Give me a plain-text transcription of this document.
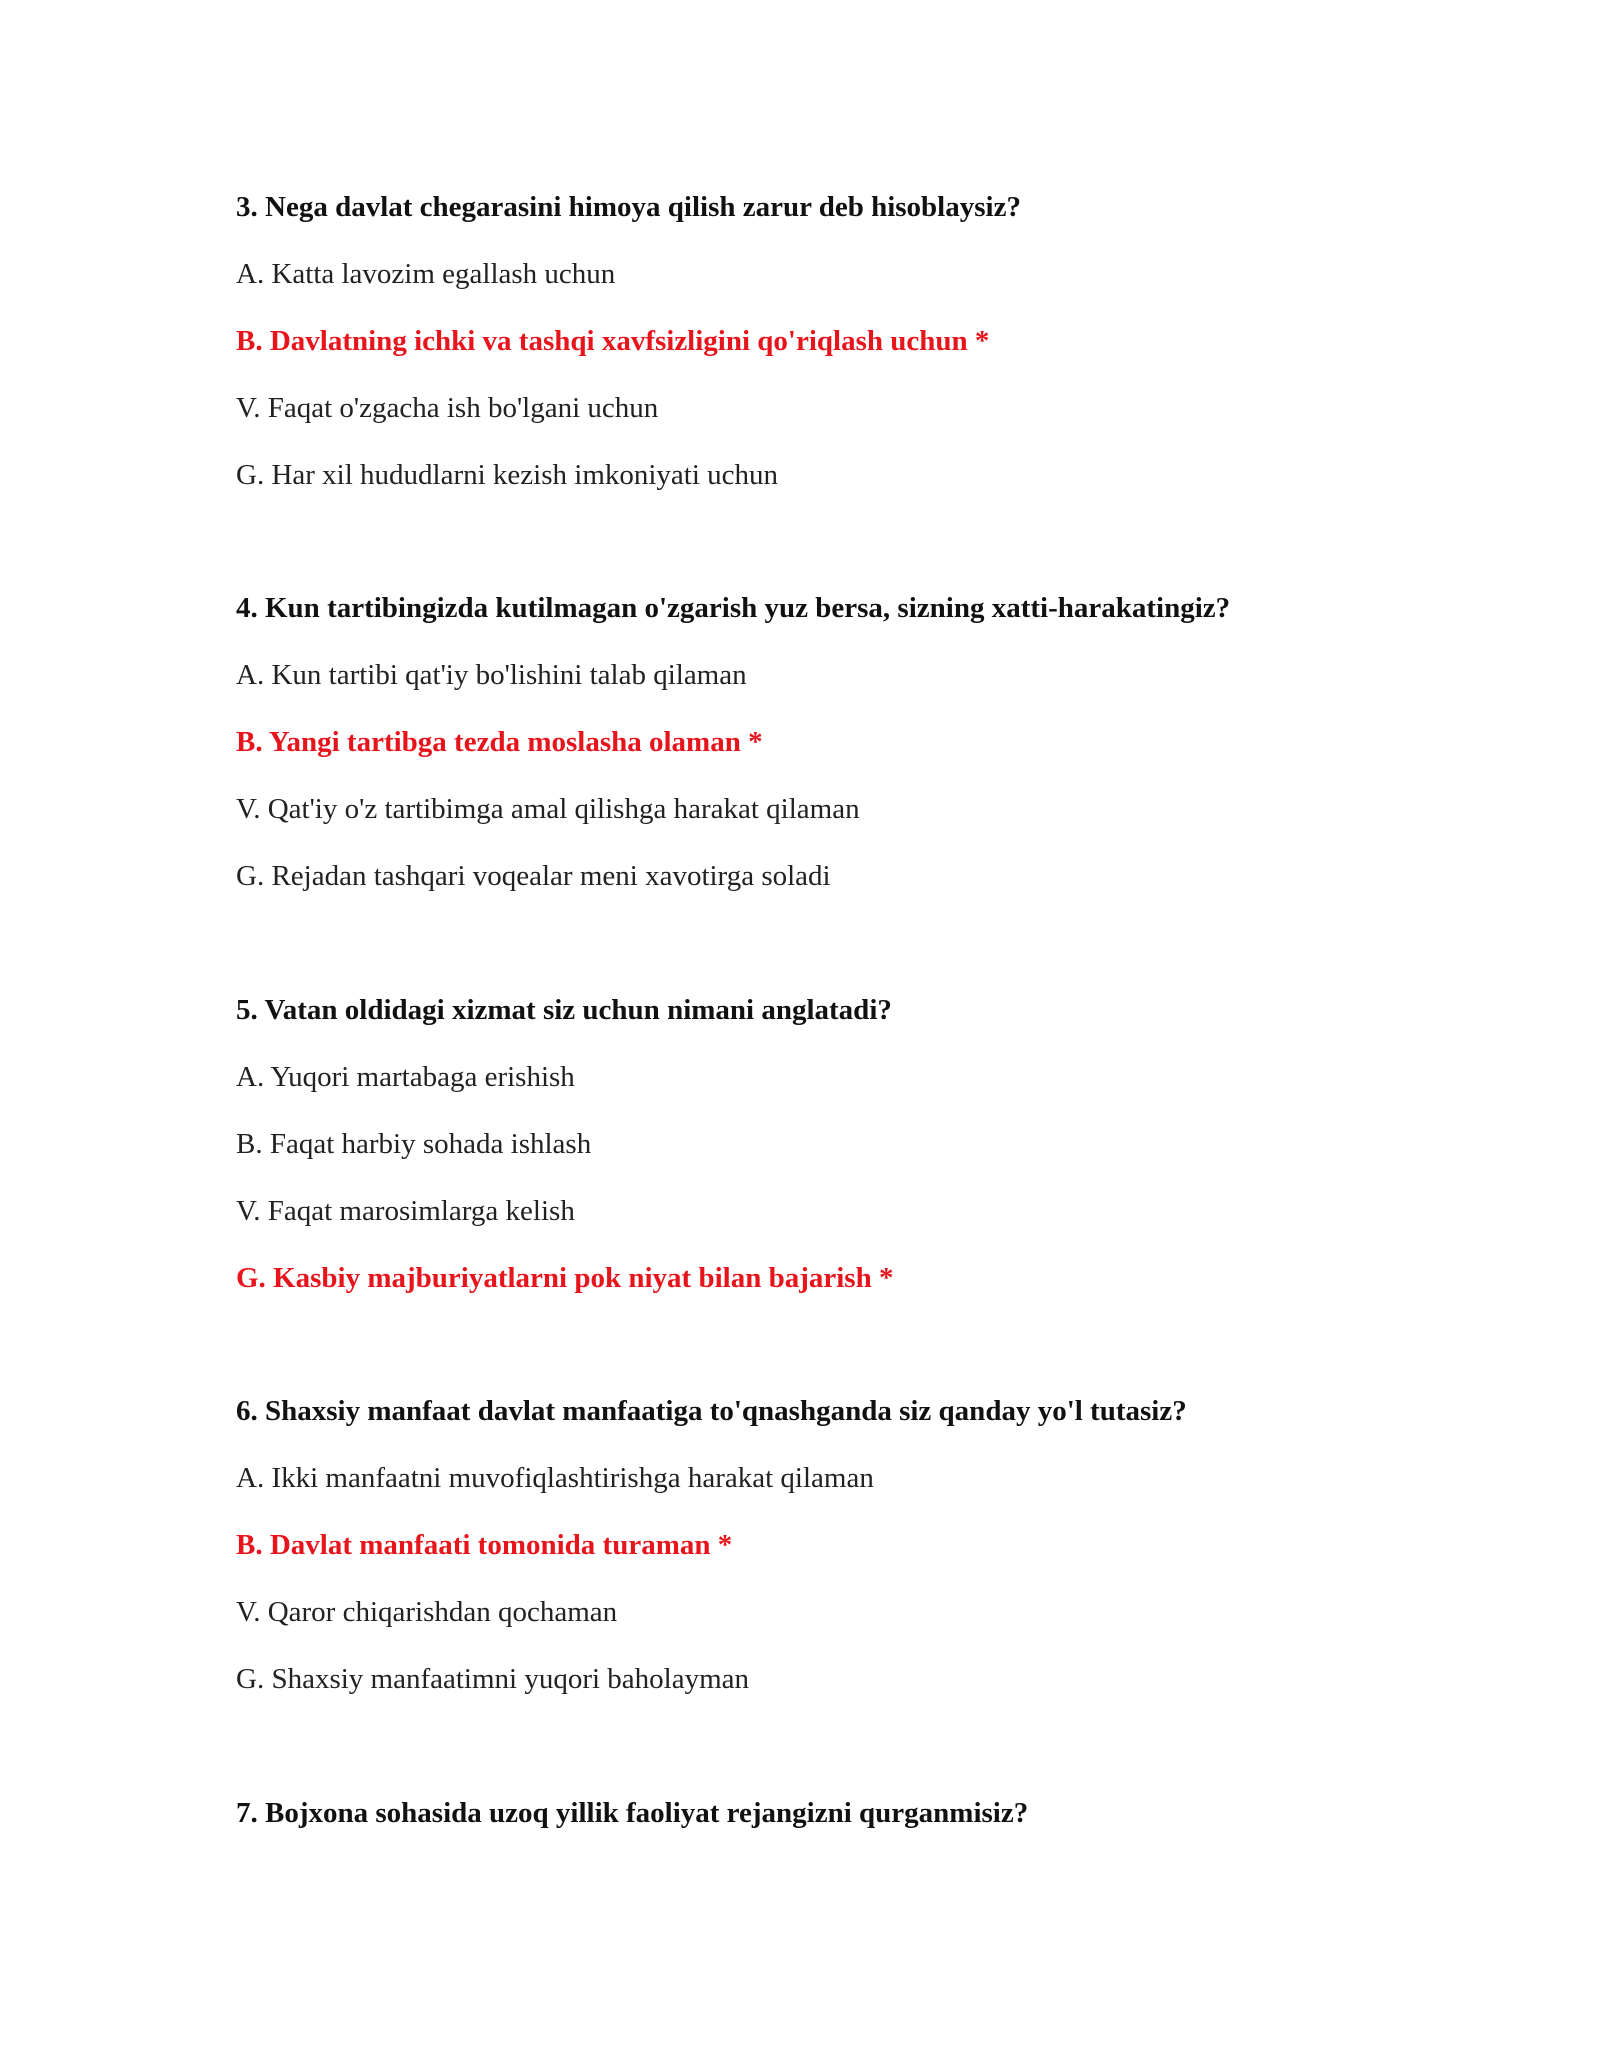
3. Nega davlat chegarasini himoya qilish zarur deb hisoblaysiz?
A. Katta lavozim egallash uchun
B. Davlatning ichki va tashqi xavfsizligini qo'riqlash uchun *
V. Faqat o'zgacha ish bo'lgani uchun
G. Har xil hududlarni kezish imkoniyati uchun
4. Kun tartibingizda kutilmagan o'zgarish yuz bersa, sizning xatti-harakatingiz?
A. Kun tartibi qat'iy bo'lishini talab qilaman
B. Yangi tartibga tezda moslasha olaman *
V. Qat'iy o'z tartibimga amal qilishga harakat qilaman
G. Rejadan tashqari voqealar meni xavotirga soladi
5. Vatan oldidagi xizmat siz uchun nimani anglatadi?
A. Yuqori martabaga erishish
B. Faqat harbiy sohada ishlash
V. Faqat marosimlarga kelish
G. Kasbiy majburiyatlarni pok niyat bilan bajarish *
6. Shaxsiy manfaat davlat manfaatiga to'qnashganda siz qanday yo'l tutasiz?
A. Ikki manfaatni muvofiqlashtirishga harakat qilaman
B. Davlat manfaati tomonida turaman *
V. Qaror chiqarishdan qochaman
G. Shaxsiy manfaatimni yuqori baholayman
7. Bojxona sohasida uzoq yillik faoliyat rejangizni qurganmisiz?
